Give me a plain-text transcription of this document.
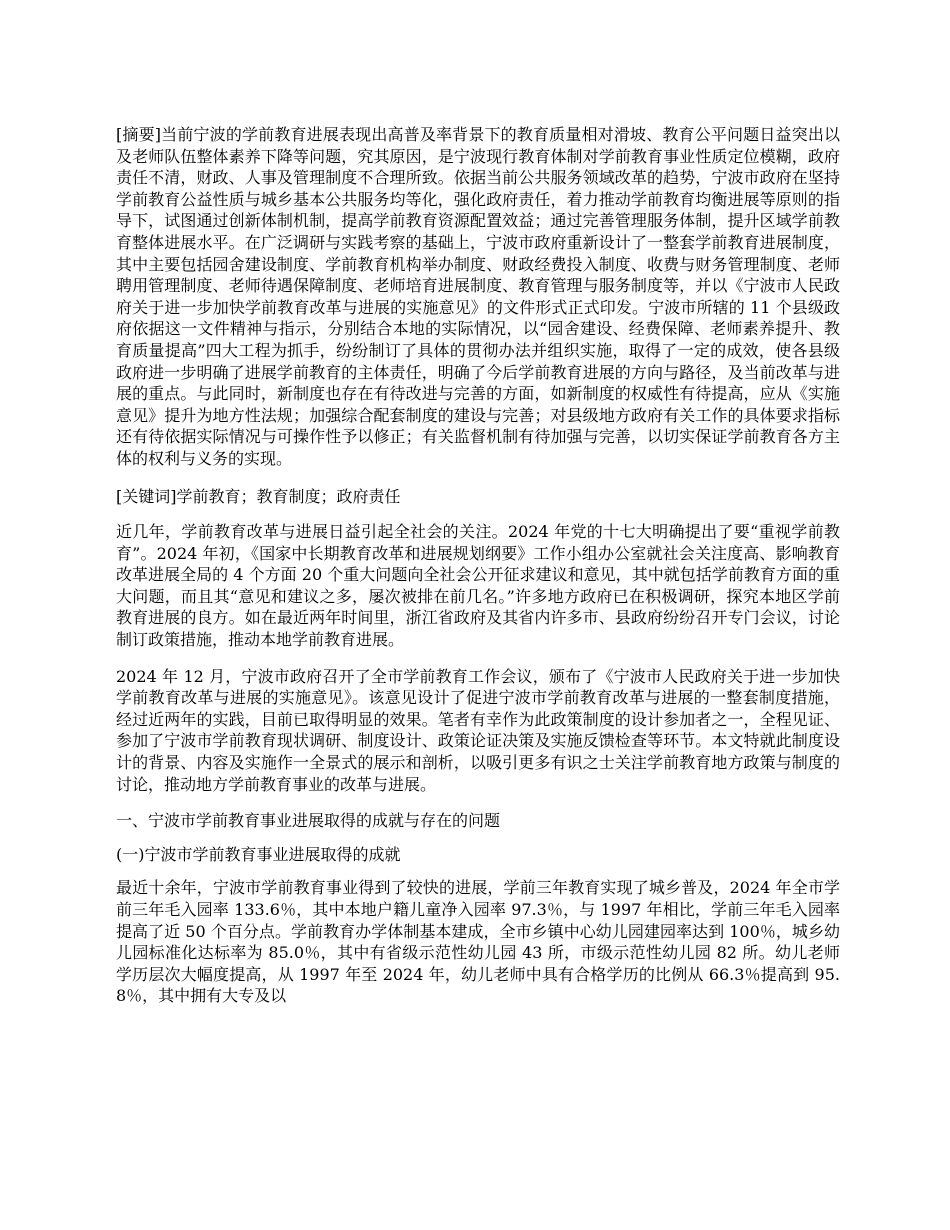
[摘要]当前宁波的学前教育进展表现出高普及率背景下的教育质量相对滑坡、教育公平问题日益突出以及老师队伍整体素养下降等问题，究其原因，是宁波现行教育体制对学前教育事业性质定位模糊，政府责任不清，财政、人事及管理制度不合理所致。依据当前公共服务领域改革的趋势，宁波市政府在坚持学前教育公益性质与城乡基本公共服务均等化，强化政府责任，着力推动学前教育均衡进展等原则的指导下，试图通过创新体制机制，提高学前教育资源配置效益；通过完善管理服务体制，提升区域学前教育整体进展水平。在广泛调研与实践考察的基础上，宁波市政府重新设计了一整套学前教育进展制度，其中主要包括园舍建设制度、学前教育机构举办制度、财政经费投入制度、收费与财务管理制度、老师聘用管理制度、老师待遇保障制度、老师培育进展制度、教育管理与服务制度等，并以《宁波市人民政府关于进一步加快学前教育改革与进展的实施意见》的文件形式正式印发。宁波市所辖的 11 个县级政府依据这一文件精神与指示，分别结合本地的实际情况，以“园舍建设、经费保障、老师素养提升、教育质量提高”四大工程为抓手，纷纷制订了具体的贯彻办法并组织实施，取得了一定的成效，使各县级政府进一步明确了进展学前教育的主体责任，明确了今后学前教育进展的方向与路径，及当前改革与进展的重点。与此同时，新制度也存在有待改进与完善的方面，如新制度的权威性有待提高，应从《实施意见》提升为地方性法规；加强综合配套制度的建设与完善；对县级地方政府有关工作的具体要求指标还有待依据实际情况与可操作性予以修正；有关监督机制有待加强与完善，以切实保证学前教育各方主体的权利与义务的实现。

[关键词]学前教育；教育制度；政府责任

近几年，学前教育改革与进展日益引起全社会的关注。2024 年党的十七大明确提出了要“重视学前教育”。2024 年初，《国家中长期教育改革和进展规划纲要》工作小组办公室就社会关注度高、影响教育改革进展全局的 4 个方面 20 个重大问题向全社会公开征求建议和意见，其中就包括学前教育方面的重大问题，而且其“意见和建议之多，屡次被排在前几名。”许多地方政府已在积极调研，探究本地区学前教育进展的良方。如在最近两年时间里，浙江省政府及其省内许多市、县政府纷纷召开专门会议，讨论制订政策措施，推动本地学前教育进展。

2024 年 12 月，宁波市政府召开了全市学前教育工作会议，颁布了《宁波市人民政府关于进一步加快学前教育改革与进展的实施意见》。该意见设计了促进宁波市学前教育改革与进展的一整套制度措施，经过近两年的实践，目前已取得明显的效果。笔者有幸作为此政策制度的设计参加者之一，全程见证、参加了宁波市学前教育现状调研、制度设计、政策论证决策及实施反馈检查等环节。本文特就此制度设计的背景、内容及实施作一全景式的展示和剖析，以吸引更多有识之士关注学前教育地方政策与制度的讨论，推动地方学前教育事业的改革与进展。

一、宁波市学前教育事业进展取得的成就与存在的问题

(一)宁波市学前教育事业进展取得的成就

最近十余年，宁波市学前教育事业得到了较快的进展，学前三年教育实现了城乡普及，2024 年全市学前三年毛入园率 133.6％，其中本地户籍儿童净入园率 97.3％，与 1997 年相比，学前三年毛入园率提高了近 50 个百分点。学前教育办学体制基本建成，全市乡镇中心幼儿园建园率达到 100％，城乡幼儿园标准化达标率为 85.0％，其中有省级示范性幼儿园 43 所，市级示范性幼儿园 82 所。幼儿老师学历层次大幅度提高，从 1997 年至 2024 年，幼儿老师中具有合格学历的比例从 66.3％提高到 95.8％，其中拥有大专及以
